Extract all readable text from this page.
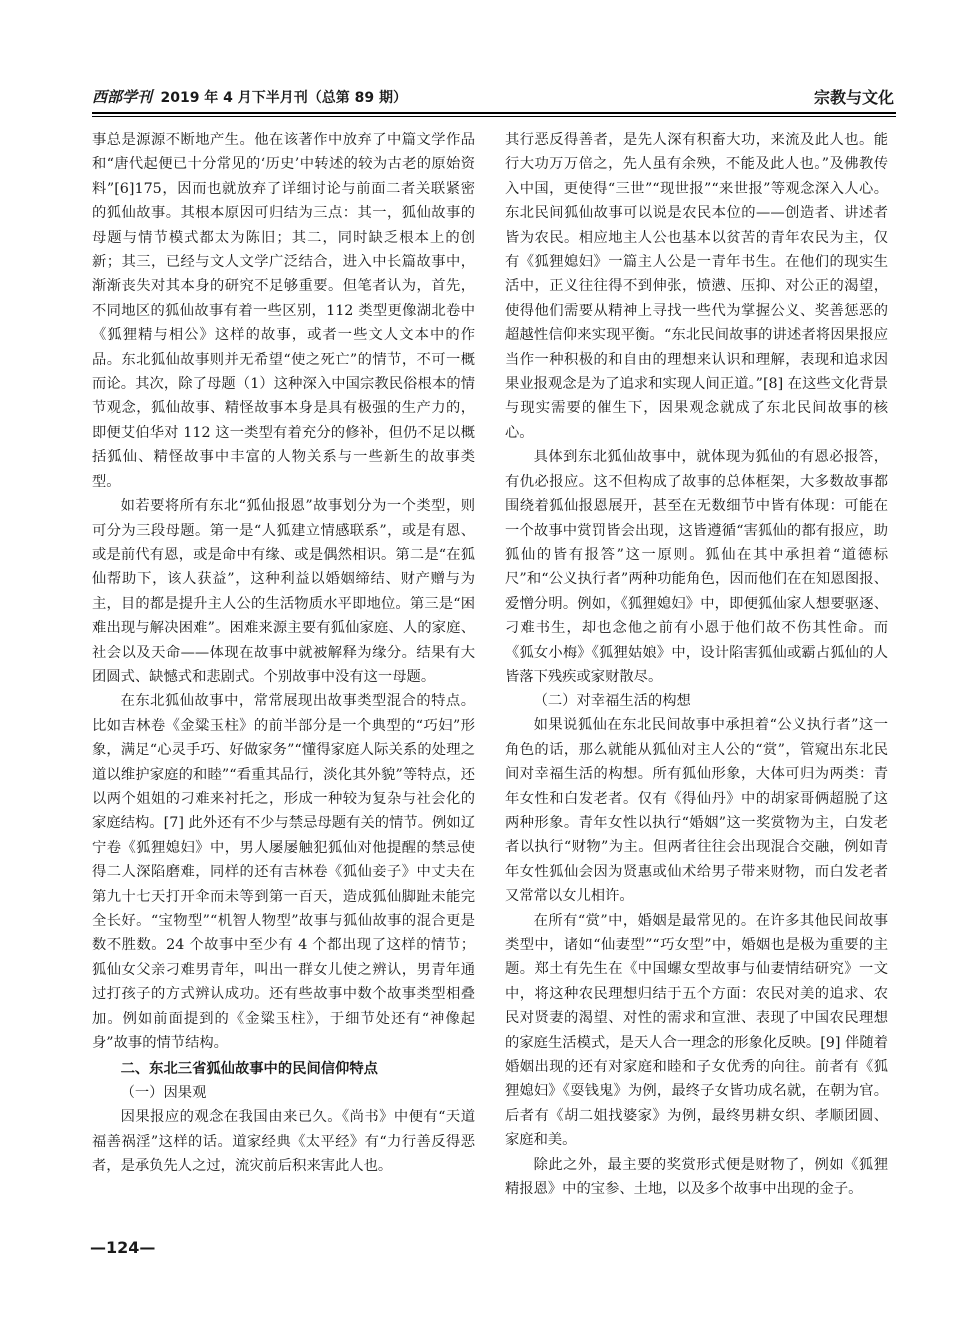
西部学刊 2019 年 4 月下半月刊（总第 89 期）	宗教与文化

事总是源源不断地产生。他在该著作中放弃了中篇文学作品和“唐代起便已十分常见的‘历史’中转述的较为古老的原始资料”[6]175，因而也就放弃了详细讨论与前面二者关联紧密的狐仙故事。其根本原因可归结为三点：其一，狐仙故事的母题与情节模式都太为陈旧；其二，同时缺乏根本上的创新；其三，已经与文人文学广泛结合，进入中长篇故事中，渐渐丧失对其本身的研究不足够重要。但笔者认为，首先，不同地区的狐仙故事有着一些区别，112 类型更像湖北卷中《狐狸精与相公》这样的故事，或者一些文人文本中的作品。东北狐仙故事则并无希望“使之死亡”的情节，不可一概而论。其次，除了母题（1）这种深入中国宗教民俗根本的情节观念，狐仙故事、精怪故事本身是具有极强的生产力的，即便艾伯华对 112 这一类型有着充分的修补，但仍不足以概括狐仙、精怪故事中丰富的人物关系与一些新生的故事类型。

如若要将所有东北“狐仙报恩”故事划分为一个类型，则可分为三段母题。第一是“人狐建立情感联系”，或是有恩、或是前代有恩，或是命中有缘、或是偶然相识。第二是“在狐仙帮助下，该人获益”，这种利益以婚姻缔结、财产赠与为主，目的都是提升主人公的生活物质水平即地位。第三是“困难出现与解决困难”。困难来源主要有狐仙家庭、人的家庭、社会以及天命——体现在故事中就被解释为缘分。结果有大团圆式、缺憾式和悲剧式。个别故事中没有这一母题。

在东北狐仙故事中，常常展现出故事类型混合的特点。比如吉林卷《金粱玉柱》的前半部分是一个典型的“巧妇”形象，满足“心灵手巧、好做家务”“懂得家庭人际关系的处理之道以维护家庭的和睦”“看重其品行，淡化其外貌”等特点，还以两个姐姐的刁难来衬托之，形成一种较为复杂与社会化的家庭结构。[7] 此外还有不少与禁忌母题有关的情节。例如辽宁卷《狐狸媳妇》中，男人屡屡触犯狐仙对他提醒的禁忌使得二人深陷磨难，同样的还有吉林卷《狐仙妾子》中丈夫在第九十七天打开伞而未等到第一百天，造成狐仙脚趾未能完全长好。“宝物型”“机智人物型”故事与狐仙故事的混合更是数不胜数。24 个故事中至少有 4 个都出现了这样的情节；狐仙女父亲刁难男青年，叫出一群女儿使之辨认，男青年通过打孩子的方式辨认成功。还有些故事中数个故事类型相叠加。例如前面提到的《金粱玉柱》，于细节处还有“神像起身”故事的情节结构。

二、东北三省狐仙故事中的民间信仰特点
（一）因果观

因果报应的观念在我国由来已久。《尚书》中便有“天道福善祸淫”这样的话。道家经典《太平经》有“力行善反得恶者，是承负先人之过，流灾前后积来害此人也。

其行恶反得善者，是先人深有积畜大功，来流及此人也。能行大功万万倍之，先人虽有余殃，不能及此人也。”及佛教传入中国，更使得“三世”“现世报”“来世报”等观念深入人心。东北民间狐仙故事可以说是农民本位的——创造者、讲述者皆为农民。相应地主人公也基本以贫苦的青年农民为主，仅有《狐狸媳妇》一篇主人公是一青年书生。在他们的现实生活中，正义往往得不到伸张，愤懑、压抑、对公正的渴望，使得他们需要从精神上寻找一些代为掌握公义、奖善惩恶的超越性信仰来实现平衡。“东北民间故事的讲述者将因果报应当作一种积极的和自由的理想来认识和理解，表现和追求因果业报观念是为了追求和实现人间正道。”[8] 在这些文化背景与现实需要的催生下，因果观念就成了东北民间故事的核心。

具体到东北狐仙故事中，就体现为狐仙的有恩必报答，有仇必报应。这不但构成了故事的总体框架，大多数故事都围绕着狐仙报恩展开，甚至在无数细节中皆有体现：可能在一个故事中赏罚皆会出现，这皆遵循“害狐仙的都有报应，助狐仙的皆有报答”这一原则。狐仙在其中承担着“道德标尺”和“公义执行者”两种功能角色，因而他们在在知恩图报、爱憎分明。例如，《狐狸媳妇》中，即便狐仙家人想要驱逐、刁难书生，却也念他之前有小恩于他们故不伤其性命。而《狐女小梅》《狐狸姑娘》中，设计陷害狐仙或霸占狐仙的人皆落下残疾或家财散尽。

（二）对幸福生活的构想

如果说狐仙在东北民间故事中承担着“公义执行者”这一角色的话，那么就能从狐仙对主人公的“赏”，管窥出东北民间对幸福生活的构想。所有狐仙形象，大体可归为两类：青年女性和白发老者。仅有《得仙丹》中的胡家哥俩超脱了这两种形象。青年女性以执行“婚姻”这一奖赏物为主，白发老者以执行“财物”为主。但两者往往会出现混合交融，例如青年女性狐仙会因为贤惠或仙术给男子带来财物，而白发老者又常常以女儿相许。

在所有“赏”中，婚姻是最常见的。在许多其他民间故事类型中，诸如“仙妻型”“巧女型”中，婚姻也是极为重要的主题。郑土有先生在《中国螺女型故事与仙妻情结研究》一文中，将这种农民理想归结于五个方面：农民对美的追求、农民对贤妻的渴望、对性的需求和宣泄、表现了中国农民理想的家庭生活模式，是天人合一理念的形象化反映。[9] 伴随着婚姻出现的还有对家庭和睦和子女优秀的向往。前者有《狐狸媳妇》《耍钱鬼》为例，最终子女皆功成名就，在朝为官。后者有《胡二姐找婆家》为例，最终男耕女织、孝顺团圆、家庭和美。

除此之外，最主要的奖赏形式便是财物了，例如《狐狸精报恩》中的宝参、土地，以及多个故事中出现的金子。

—124—
